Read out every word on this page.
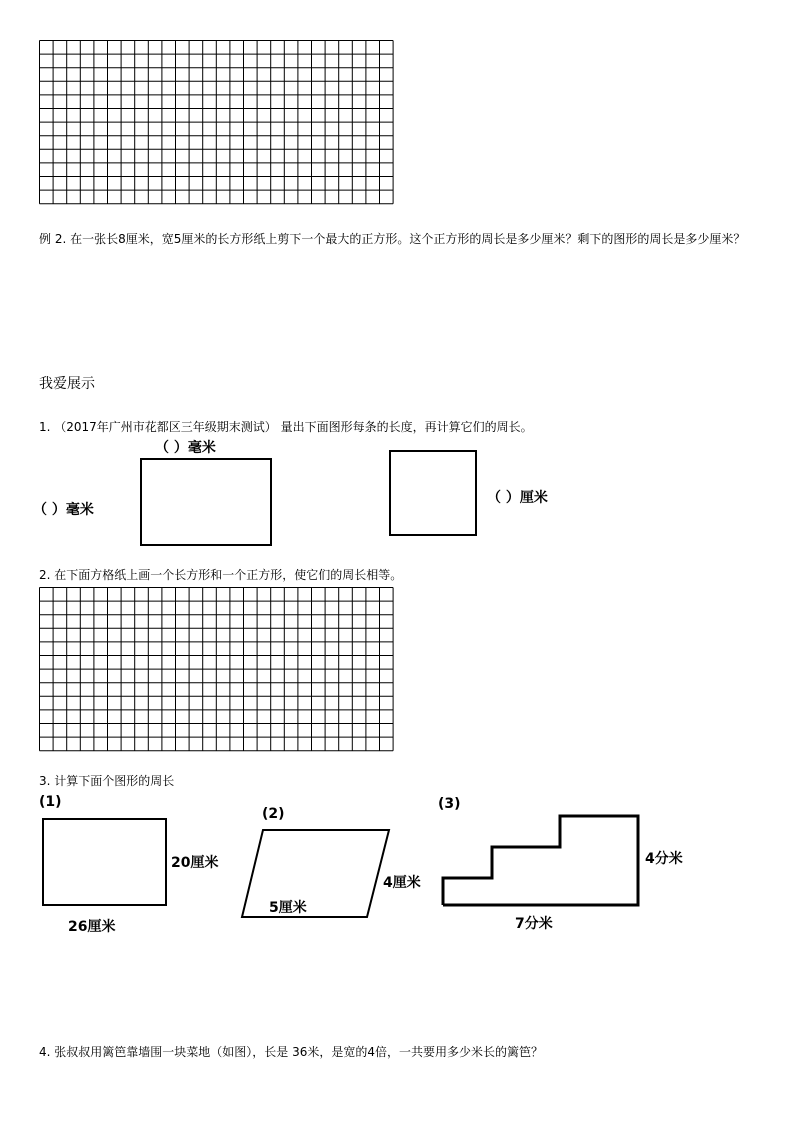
例 2. 在一张长8厘米，宽5厘米的长方形纸上剪下一个最大的正方形。这个正方形的周长是多少厘米？剩下的图形的周长是多少厘米？
我爱展示
1. （2017年广州市花都区三年级期末测试） 量出下面图形每条的长度，再计算它们的周长。
（ ）毫米
（ ）毫米
（ ）厘米
2. 在下面方格纸上画一个长方形和一个正方形，使它们的周长相等。
3. 计算下面个图形的周长
(1)
20厘米
26厘米
(2)
4厘米
5厘米
(3)
4分米
7分米
4. 张叔叔用篱笆靠墙围一块菜地（如图），长是 36米，是宽的4倍，一共要用多少米长的篱笆？
